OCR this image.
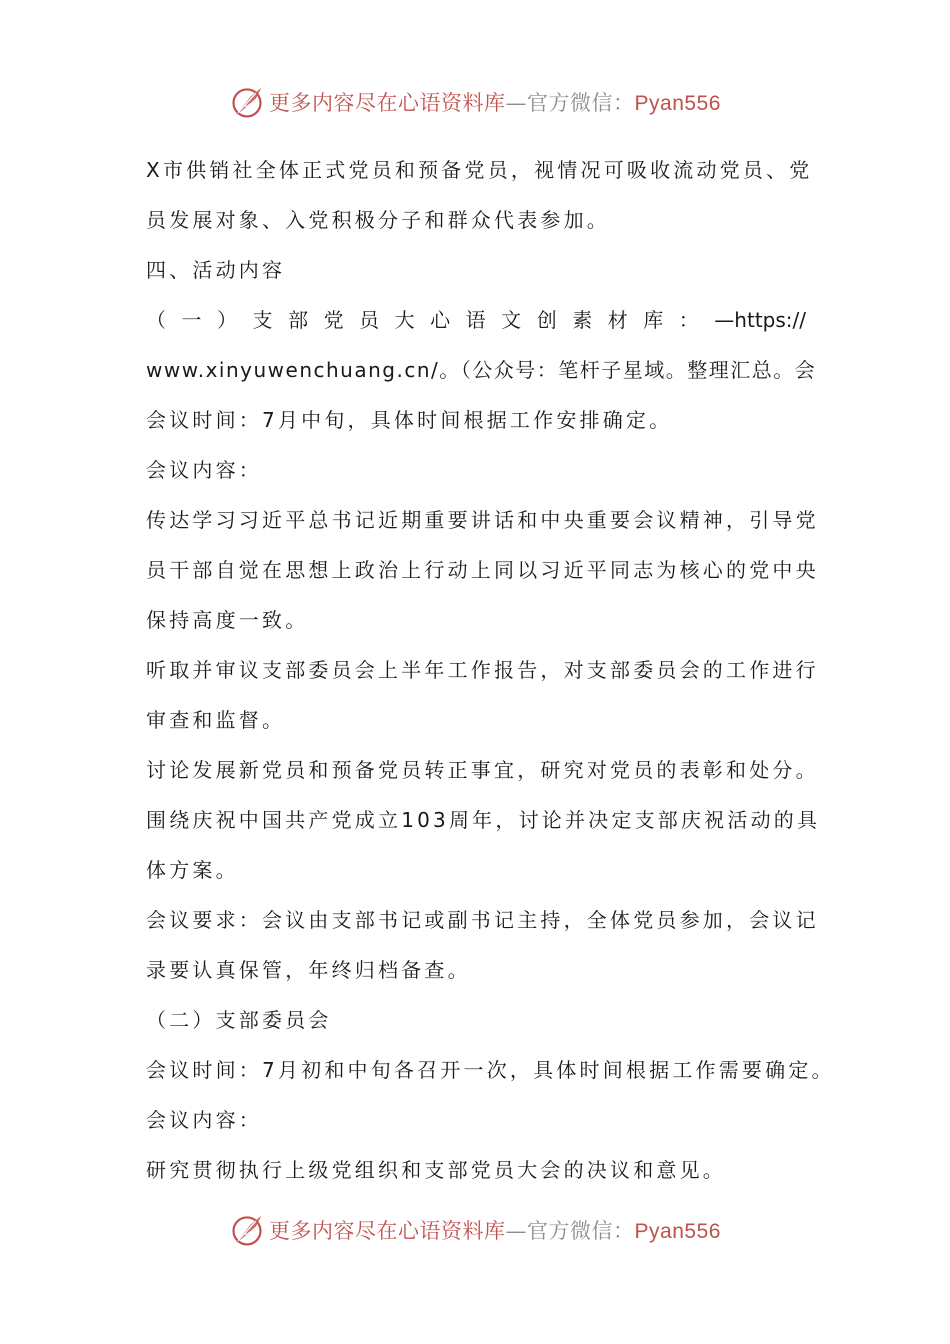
更多内容尽在心语资料库—官方微信：Pyan556
X市供销社全体正式党员和预备党员，视情况可吸收流动党员、党
员发展对象、入党积极分子和群众代表参加。
四、活动内容
（一）支部党员大心语文创素材库：—https://
www.xinyuwenchuang.cn/。（公众号：笔杆子星域。整理汇总。会
会议时间：7月中旬，具体时间根据工作安排确定。
会议内容：
传达学习习近平总书记近期重要讲话和中央重要会议精神，引导党
员干部自觉在思想上政治上行动上同以习近平同志为核心的党中央
保持高度一致。
听取并审议支部委员会上半年工作报告，对支部委员会的工作进行
审查和监督。
讨论发展新党员和预备党员转正事宜，研究对党员的表彰和处分。
围绕庆祝中国共产党成立103周年，讨论并决定支部庆祝活动的具
体方案。
会议要求：会议由支部书记或副书记主持，全体党员参加，会议记
录要认真保管，年终归档备查。
（二）支部委员会
会议时间：7月初和中旬各召开一次，具体时间根据工作需要确定。
会议内容：
研究贯彻执行上级党组织和支部党员大会的决议和意见。
更多内容尽在心语资料库—官方微信：Pyan556
